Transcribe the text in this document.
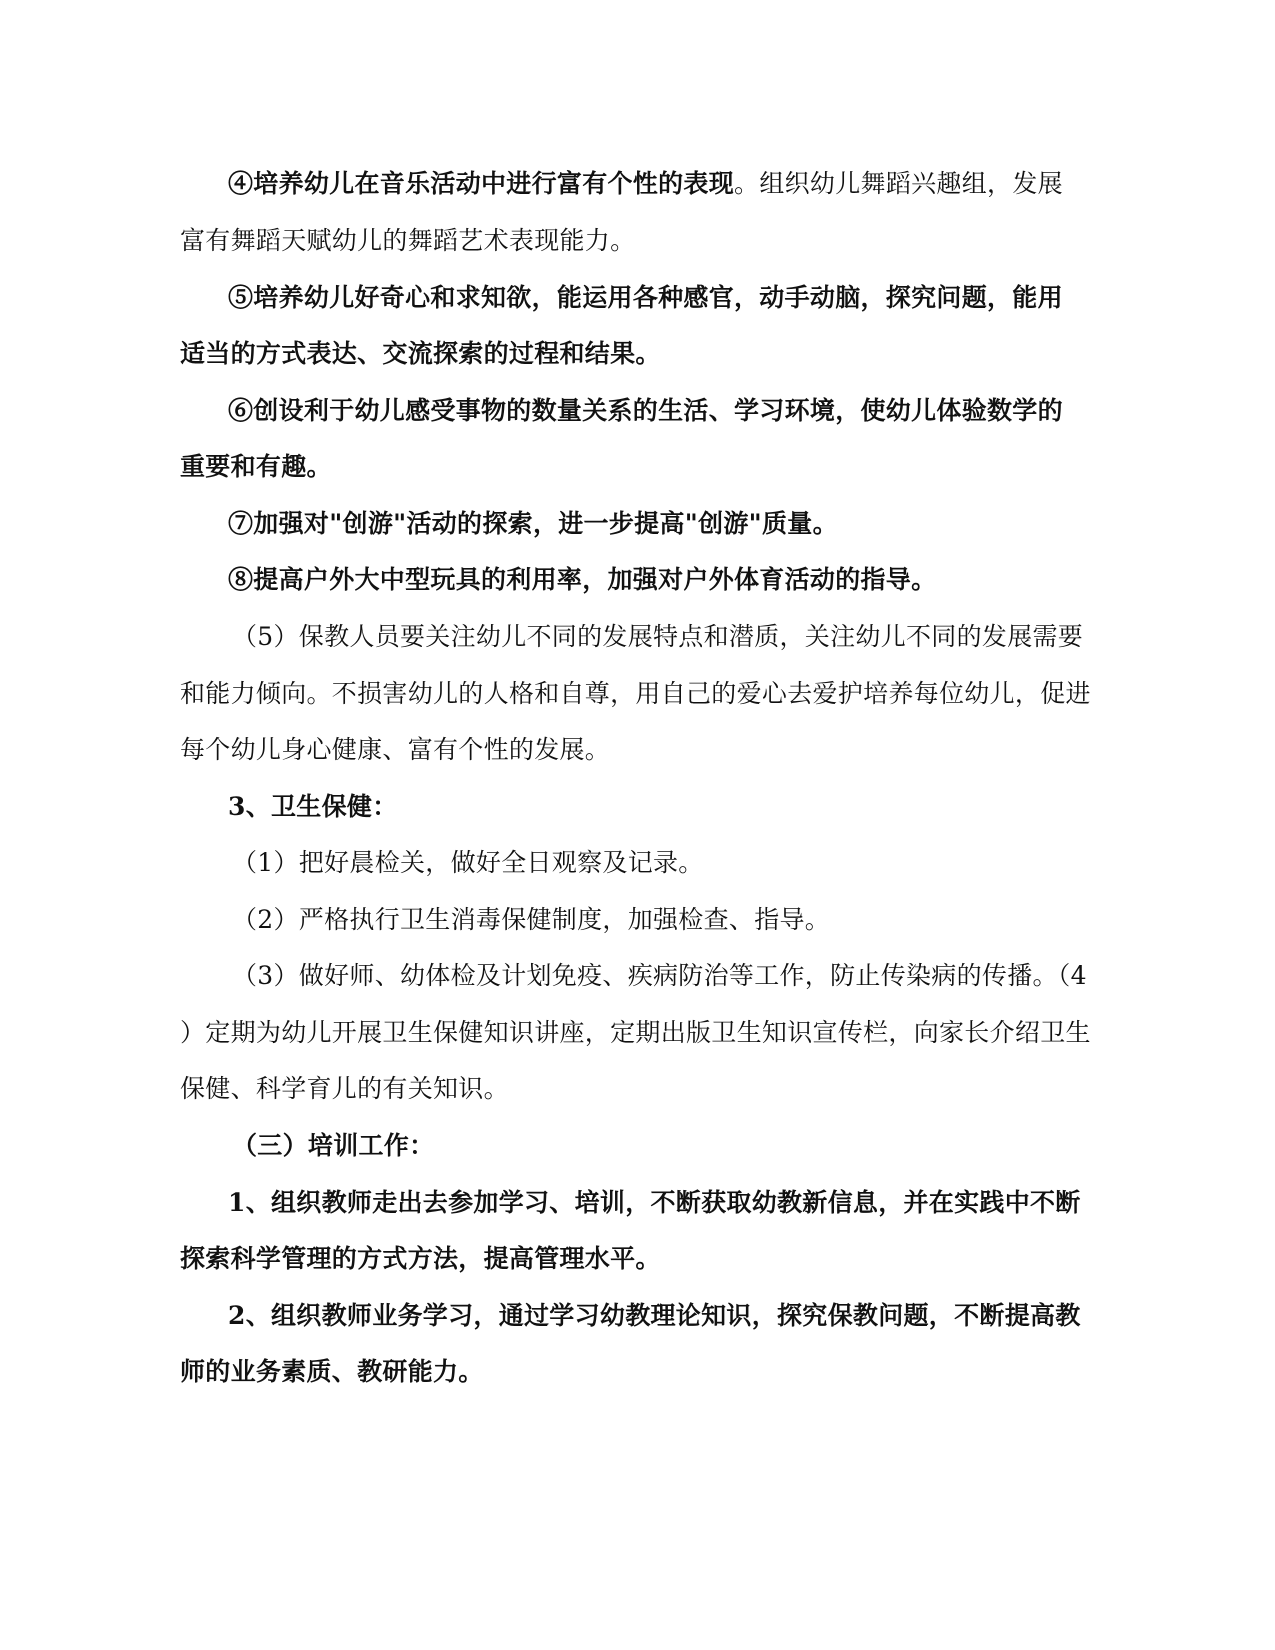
④培养幼儿在音乐活动中进行富有个性的表现。组织幼儿舞蹈兴趣组，发展
富有舞蹈天赋幼儿的舞蹈艺术表现能力。
⑤培养幼儿好奇心和求知欲，能运用各种感官，动手动脑，探究问题，能用
适当的方式表达、交流探索的过程和结果。
⑥创设利于幼儿感受事物的数量关系的生活、学习环境，使幼儿体验数学的
重要和有趣。
⑦加强对"创游"活动的探索，进一步提高"创游"质量。
⑧提高户外大中型玩具的利用率，加强对户外体育活动的指导。
（5）保教人员要关注幼儿不同的发展特点和潜质，关注幼儿不同的发展需要
和能力倾向。不损害幼儿的人格和自尊，用自己的爱心去爱护培养每位幼儿，促进
每个幼儿身心健康、富有个性的发展。
3、卫生保健：
（1）把好晨检关，做好全日观察及记录。
（2）严格执行卫生消毒保健制度，加强检查、指导。
（3）做好师、幼体检及计划免疫、疾病防治等工作，防止传染病的传播。（4
）定期为幼儿开展卫生保健知识讲座，定期出版卫生知识宣传栏，向家长介绍卫生
保健、科学育儿的有关知识。
（三）培训工作：
1、组织教师走出去参加学习、培训，不断获取幼教新信息，并在实践中不断
探索科学管理的方式方法，提高管理水平。
2、组织教师业务学习，通过学习幼教理论知识，探究保教问题，不断提高教
师的业务素质、教研能力。
